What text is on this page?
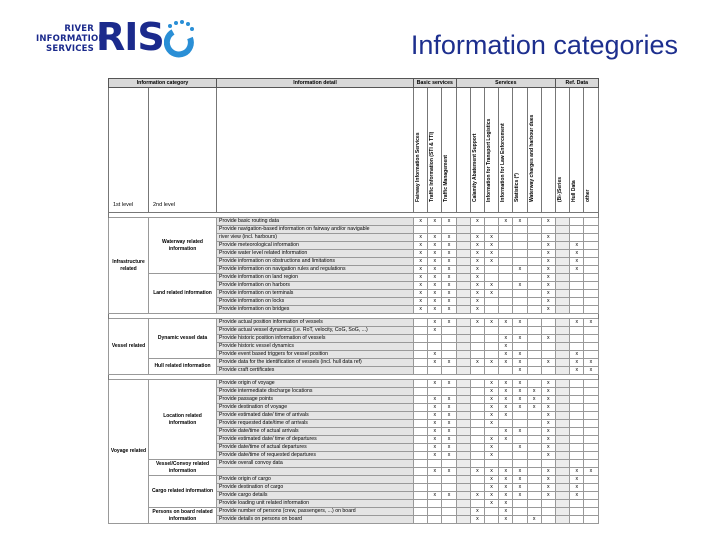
RIVER
INFORMATION
SERVICES RIS	Information categories
Information category		Information detail	Basic services			Services							Ref. Data		
1st level	2nd level		Fairway Information Services	Traffic Information (STI & TTI)	Traffic Management		Calamity Abatement Support	Information for Transport Logistics	Information for Law Enforcement	Statistics (*)	Waterway charges and harbour dues		(Bi-)Series	Hull Data	other

Infrastructure related	Waterway related information	Provide basic routing data	x	x	x		x		x	x		x			
		Provide navigation-based information on fairway and/or navigable													
		river view (incl. harbours)	x	x	x		x	x				x			
		Provide meteorological information	x	x	x		x	x				x		x	
		Provide water level related information	x	x	x		x	x				x		x	
		Provide information on obstructions and limitations	x	x	x		x	x				x		x	
		Provide information on navigation rules and regulations	x	x	x		x			x		x		x	
	Land related information	Provide information on land region	x	x	x		x					x			
		Provide information on harbors	x	x	x		x	x		x		x			
		Provide information on terminals	x	x	x		x	x				x			
		Provide information on locks	x	x	x		x					x			
		Provide information on bridges	x	x	x		x					x			

Vessel related	Dynamic vessel data	Provide actual position information of vessels		x	x		x	x	x	x				x	x
		Provide actual vessel dynamics (i.e. RoT, velocity, CoG, SoG, ...)		x											
		Provide historic position information of vessels							x	x		x			
		Provide historic vessel dynamics							x						
		Provide event based triggers for vessel position		x					x	x				x	
	Hull related information	Provide data for the identification of vessels (incl. hull data ref)		x	x		x	x	x	x		x		x	x
		Provide craft certificates								x				x	x

Voyage related	Location related information	Provide origin of voyage		x	x			x	x	x		x			
		Provide intermediate discharge locations						x	x	x	x	x			
		Provide passage points		x	x			x	x	x	x	x			
		Provide destination of voyage		x	x			x	x	x	x	x			
		Provide estimated date/ time of arrivals		x	x			x	x			x			
		Provide requested date/time of arrivals		x	x			x				x			
		Provide date/time of actual arrivals		x	x				x	x		x			
		Provide estimated date/ time of departures		x	x			x	x			x			
		Provide date/time of actual departures		x	x			x		x		x			
		Provide date/time of requested departures		x	x			x				x			
	Vessel/Convoy related information	Provide overall convoy data													
				x	x		x	x	x	x		x		x	x
	Cargo related information	Provide origin of cargo						x	x	x		x		x	
		Provide destination of cargo						x	x	x		x		x	
		Provide cargo details		x	x		x	x	x	x		x		x	
		Provide loading unit related information						x	x						
	Persons on board related information	Provide number of persons (crew, passengers, ...) on board					x		x						
		Provide details on persons on board					x		x		x				
